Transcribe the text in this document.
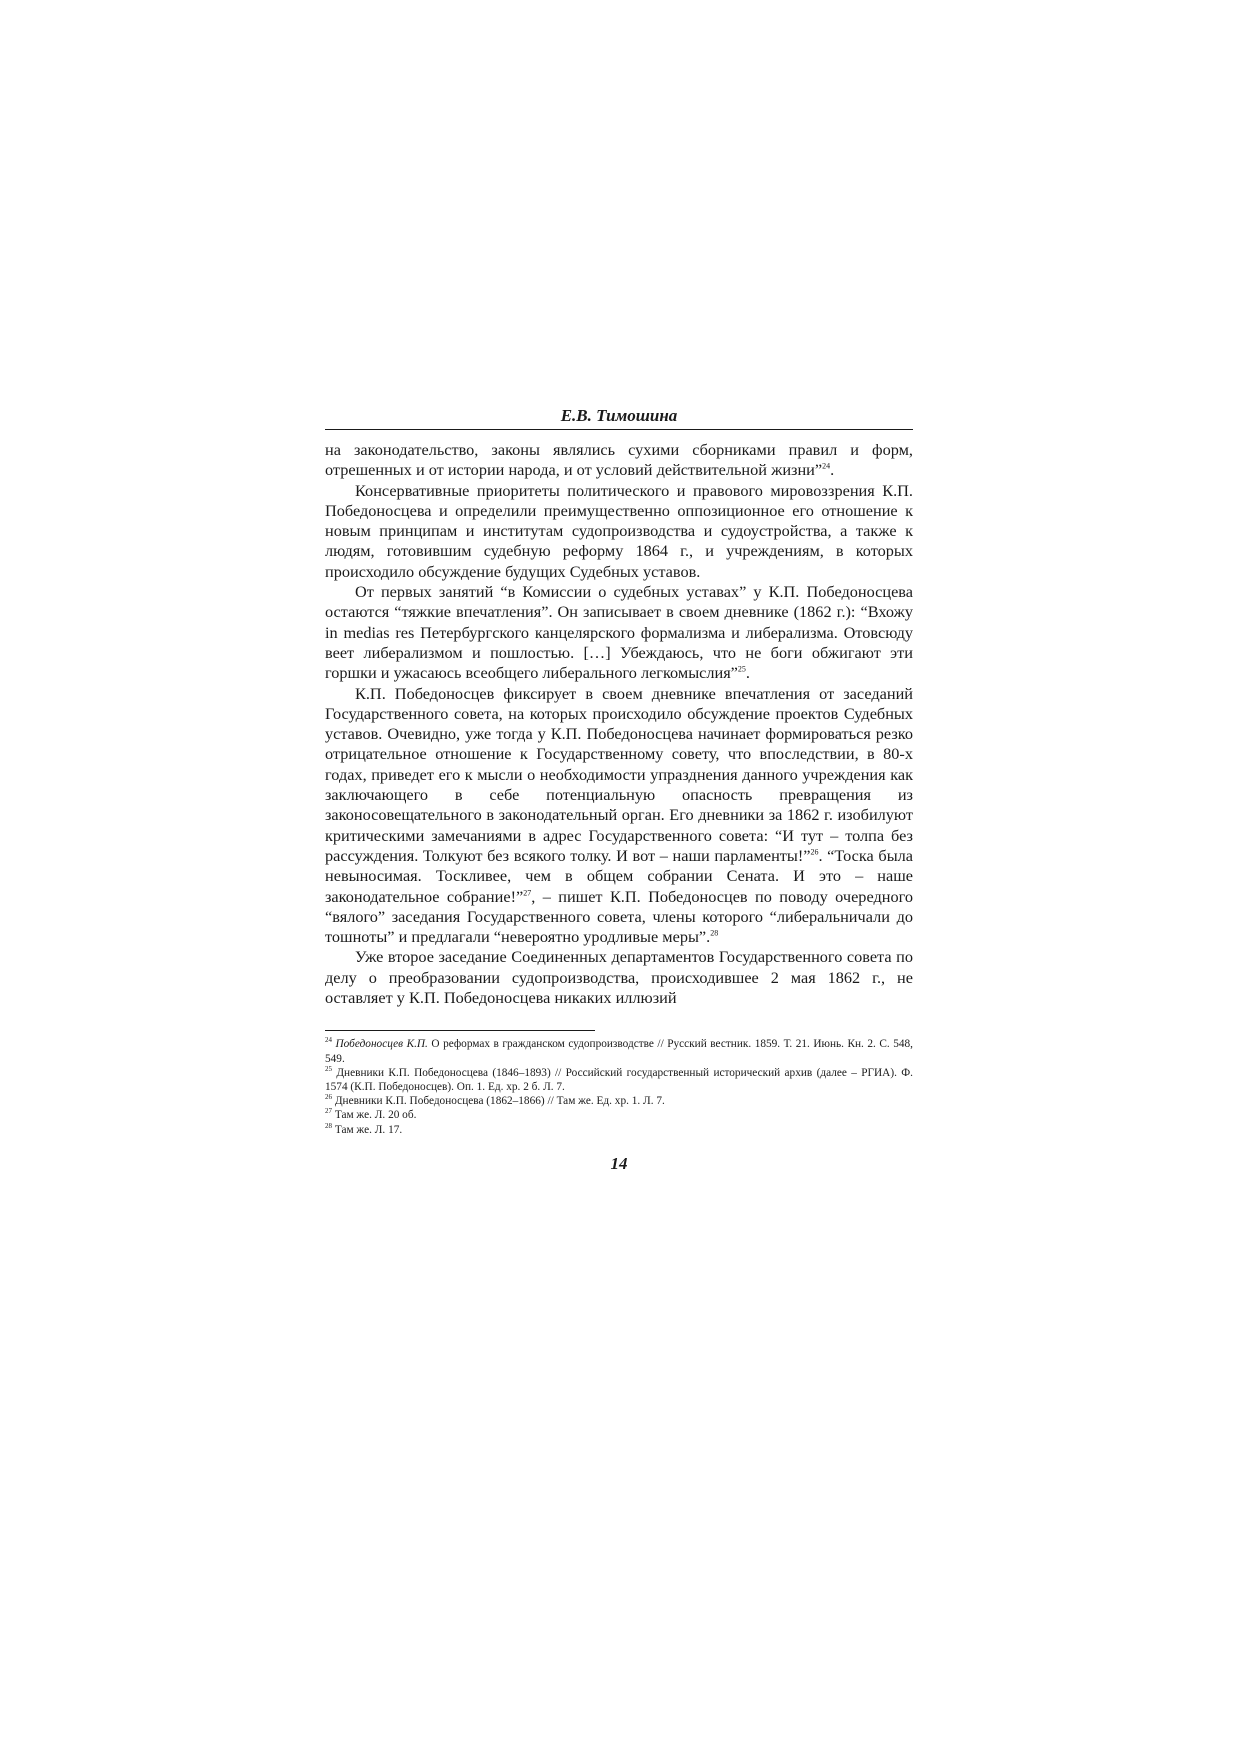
Е.В. Тимошина

на законодательство, законы являлись сухими сборниками правил и форм, отрешенных и от истории народа, и от условий действительной жизни”$^{24}$.

Консервативные приоритеты политического и правового мировоззрения К.П. Победоносцева и определили преимущественно оппозиционное его отношение к новым принципам и институтам судопроизводства и судоустройства, а также к людям, готовившим судебную реформу 1864 г., и учреждениям, в которых происходило обсуждение будущих Судебных уставов.

От первых занятий “в Комиссии о судебных уставах” у К.П. Победоносцева остаются “тяжкие впечатления”. Он записывает в своем дневнике (1862 г.): “Вхожу in medias res Петербургского канцелярского формализма и либерализма. Отовсюду веет либерализмом и пошлостью. […] Убеждаюсь, что не боги обжигают эти горшки и ужасаюсь всеобщего либерального легкомыслия”$^{25}$.

К.П. Победоносцев фиксирует в своем дневнике впечатления от заседаний Государственного совета, на которых происходило обсуждение проектов Судебных уставов. Очевидно, уже тогда у К.П. Победоносцева начинает формироваться резко отрицательное отношение к Государственному совету, что впоследствии, в 80-х годах, приведет его к мысли о необходимости упразднения данного учреждения как заключающего в себе потенциальную опасность превращения из законосовещательного в законодательный орган. Его дневники за 1862 г. изобилуют критическими замечаниями в адрес Государственного совета: “И тут – толпа без рассуждения. Толкуют без всякого толку. И вот – наши парламенты!”$^{26}$. “Тоска была невыносимая. Тоскливее, чем в общем собрании Сената. И это – наше законодательное собрание!”$^{27}$, – пишет К.П. Победоносцев по поводу очередного “вялого” заседания Государственного совета, члены которого “либеральничали до тошноты” и предлагали “невероятно уродливые меры”.$^{28}$

Уже второе заседание Соединенных департаментов Государственного совета по делу о преобразовании судопроизводства, происходившее 2 мая 1862 г., не оставляет у К.П. Победоносцева никаких иллюзий

$^{24}$ Победоносцев К.П. О реформах в гражданском судопроизводстве // Русский вестник. 1859. Т. 21. Июнь. Кн. 2. С. 548, 549.

$^{25}$ Дневники К.П. Победоносцева (1846–1893) // Российский государственный исторический архив (далее – РГИА). Ф. 1574 (К.П. Победоносцев). Оп. 1. Ед. хр. 2 б. Л. 7.

$^{26}$ Дневники К.П. Победоносцева (1862–1866) // Там же. Ед. хр. 1. Л. 7.

$^{27}$ Там же. Л. 20 об.

$^{28}$ Там же. Л. 17.

14
